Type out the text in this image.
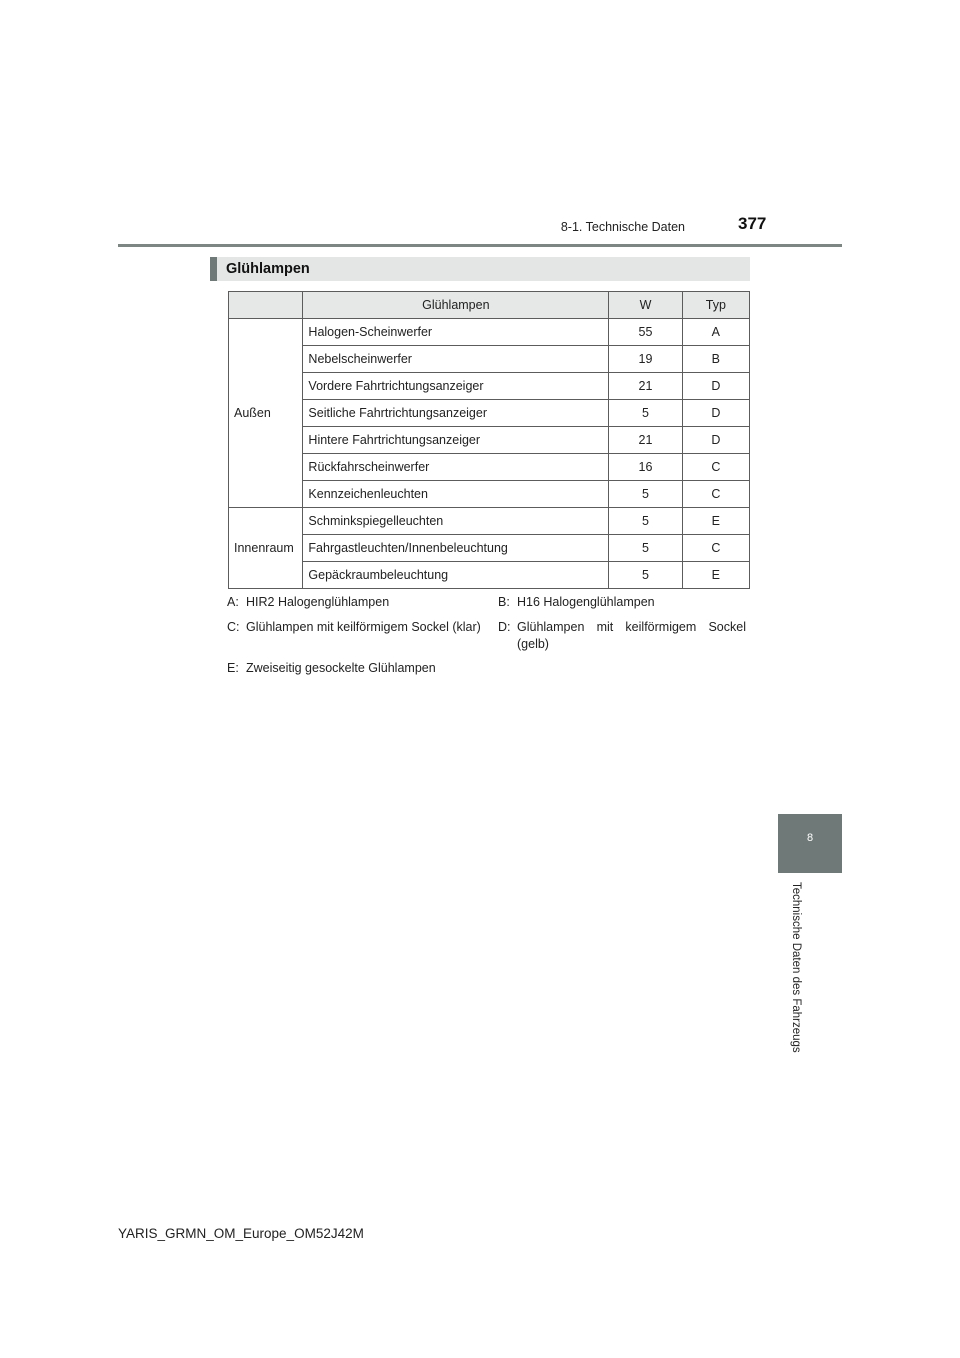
8-1. Technische Daten	377
Glühlampen
	Glühlampen	W	Typ
Außen	Halogen-Scheinwerfer	55	A
	Nebelscheinwerfer	19	B
	Vordere Fahrtrichtungsanzeiger	21	D
	Seitliche Fahrtrichtungsanzeiger	5	D
	Hintere Fahrtrichtungsanzeiger	21	D
	Rückfahrscheinwerfer	16	C
	Kennzeichenleuchten	5	C
Innenraum	Schminkspiegelleuchten	5	E
	Fahrgastleuchten/Innenbeleuchtung	5	C
	Gepäckraumbeleuchtung	5	E
A: HIR2 Halogenglühlampen	B: H16 Halogenglühlampen
C: Glühlampen mit keilförmigem Sockel (klar) D: Glühlampen mit keilförmigem Sockel (gelb)
E: Zweiseitig gesockelte Glühlampen
8
Technische Daten des Fahrzeugs
YARIS_GRMN_OM_Europe_OM52J42M
